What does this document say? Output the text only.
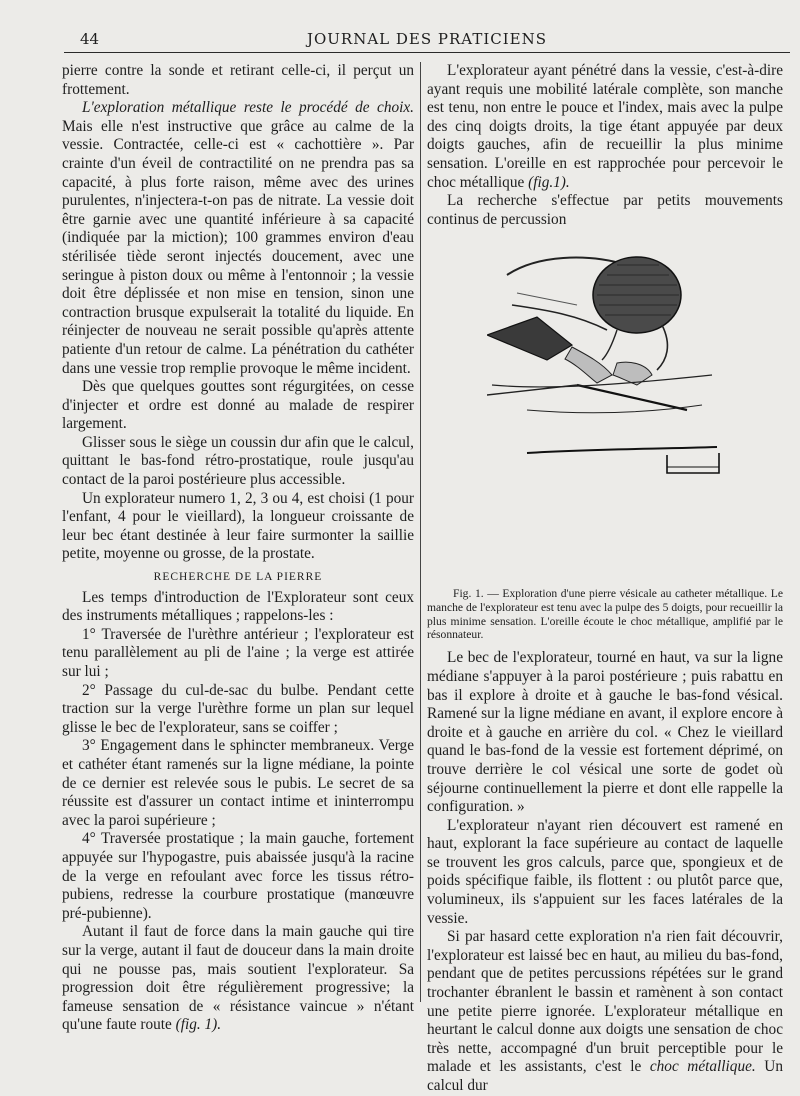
44	JOURNAL DES PRATICIENS

pierre contre la sonde et retirant celle-ci, il perçut un frottement.

L'exploration métallique reste le procédé de choix. Mais elle n'est instructive que grâce au calme de la vessie. Contractée, celle-ci est « cachottière ». Par crainte d'un éveil de contractilité on ne prendra pas sa capacité, à plus forte raison, même avec des urines purulentes, n'injectera-t-on pas de nitrate. La vessie doit être garnie avec une quantité inférieure à sa capacité (indiquée par la miction); 100 grammes environ d'eau stérilisée tiède seront injectés doucement, avec une seringue à piston doux ou même à l'entonnoir ; la vessie doit être déplissée et non mise en tension, sinon une contraction brusque expulserait la totalité du liquide. En réinjecter de nouveau ne serait possible qu'après attente patiente d'un retour de calme. La pénétration du cathéter dans une vessie trop remplie provoque le même incident.

Dès que quelques gouttes sont régurgitées, on cesse d'injecter et ordre est donné au malade de respirer largement.

Glisser sous le siège un coussin dur afin que le calcul, quittant le bas-fond rétro-prostatique, roule jusqu'au contact de la paroi postérieure plus accessible.

Un explorateur numero 1, 2, 3 ou 4, est choisi (1 pour l'enfant, 4 pour le vieillard), la longueur croissante de leur bec étant destinée à leur faire surmonter la saillie petite, moyenne ou grosse, de la prostate.

RECHERCHE DE LA PIERRE

Les temps d'introduction de l'Explorateur sont ceux des instruments métalliques ; rappelons-les :

1° Traversée de l'urèthre antérieur ; l'explorateur est tenu parallèlement au pli de l'aine ; la verge est attirée sur lui ;

2° Passage du cul-de-sac du bulbe. Pendant cette traction sur la verge l'urèthre forme un plan sur lequel glisse le bec de l'explorateur, sans se coiffer ;

3° Engagement dans le sphincter membraneux. Verge et cathéter étant ramenés sur la ligne médiane, la pointe de ce dernier est relevée sous le pubis. Le secret de sa réussite est d'assurer un contact intime et ininterrompu avec la paroi supérieure ;

4° Traversée prostatique ; la main gauche, fortement appuyée sur l'hypogastre, puis abaissée jusqu'à la racine de la verge en refoulant avec force les tissus rétro-pubiens, redresse la courbure prostatique (manœuvre pré-pubienne).

Autant il faut de force dans la main gauche qui tire sur la verge, autant il faut de douceur dans la main droite qui ne pousse pas, mais soutient l'explorateur. Sa progression doit être régulièrement progressive; la fameuse sensation de « résistance vaincue » n'étant qu'une faute route (fig. 1).

L'explorateur ayant pénétré dans la vessie, c'est-à-dire ayant requis une mobilité latérale complète, son manche est tenu, non entre le pouce et l'index, mais avec la pulpe des cinq doigts droits, la tige étant appuyée par deux doigts gauches, afin de recueillir la plus minime sensation. L'oreille en est rapprochée pour percevoir le choc métallique (fig.1).

La recherche s'effectue par petits mouvements continus de percussion

Fig. 1. — Exploration d'une pierre vésicale au catheter métallique. Le manche de l'explorateur est tenu avec la pulpe des 5 doigts, pour recueillir la plus minime sensation. L'oreille écoute le choc métallique, amplifié par le résonnateur.

Le bec de l'explorateur, tourné en haut, va sur la ligne médiane s'appuyer à la paroi postérieure ; puis rabattu en bas il explore à droite et à gauche le bas-fond vésical. Ramené sur la ligne médiane en avant, il explore encore à droite et à gauche en arrière du col. « Chez le vieillard quand le bas-fond de la vessie est fortement déprimé, on trouve derrière le col vésical une sorte de godet où séjourne continuellement la pierre et dont elle rappelle la configuration. »

L'explorateur n'ayant rien découvert est ramené en haut, explorant la face supérieure au contact de laquelle se trouvent les gros calculs, parce que, spongieux et de poids spécifique faible, ils flottent : ou plutôt parce que, volumineux, ils s'appuient sur les faces latérales de la vessie.

Si par hasard cette exploration n'a rien fait découvrir, l'explorateur est laissé bec en haut, au milieu du bas-fond, pendant que de petites percussions répétées sur le grand trochanter ébranlent le bassin et ramènent à son contact une petite pierre ignorée. L'explorateur métallique en heurtant le calcul donne aux doigts une sensation de choc très nette, accompagné d'un bruit perceptible pour le malade et les assistants, c'est le choc métallique. Un calcul dur
